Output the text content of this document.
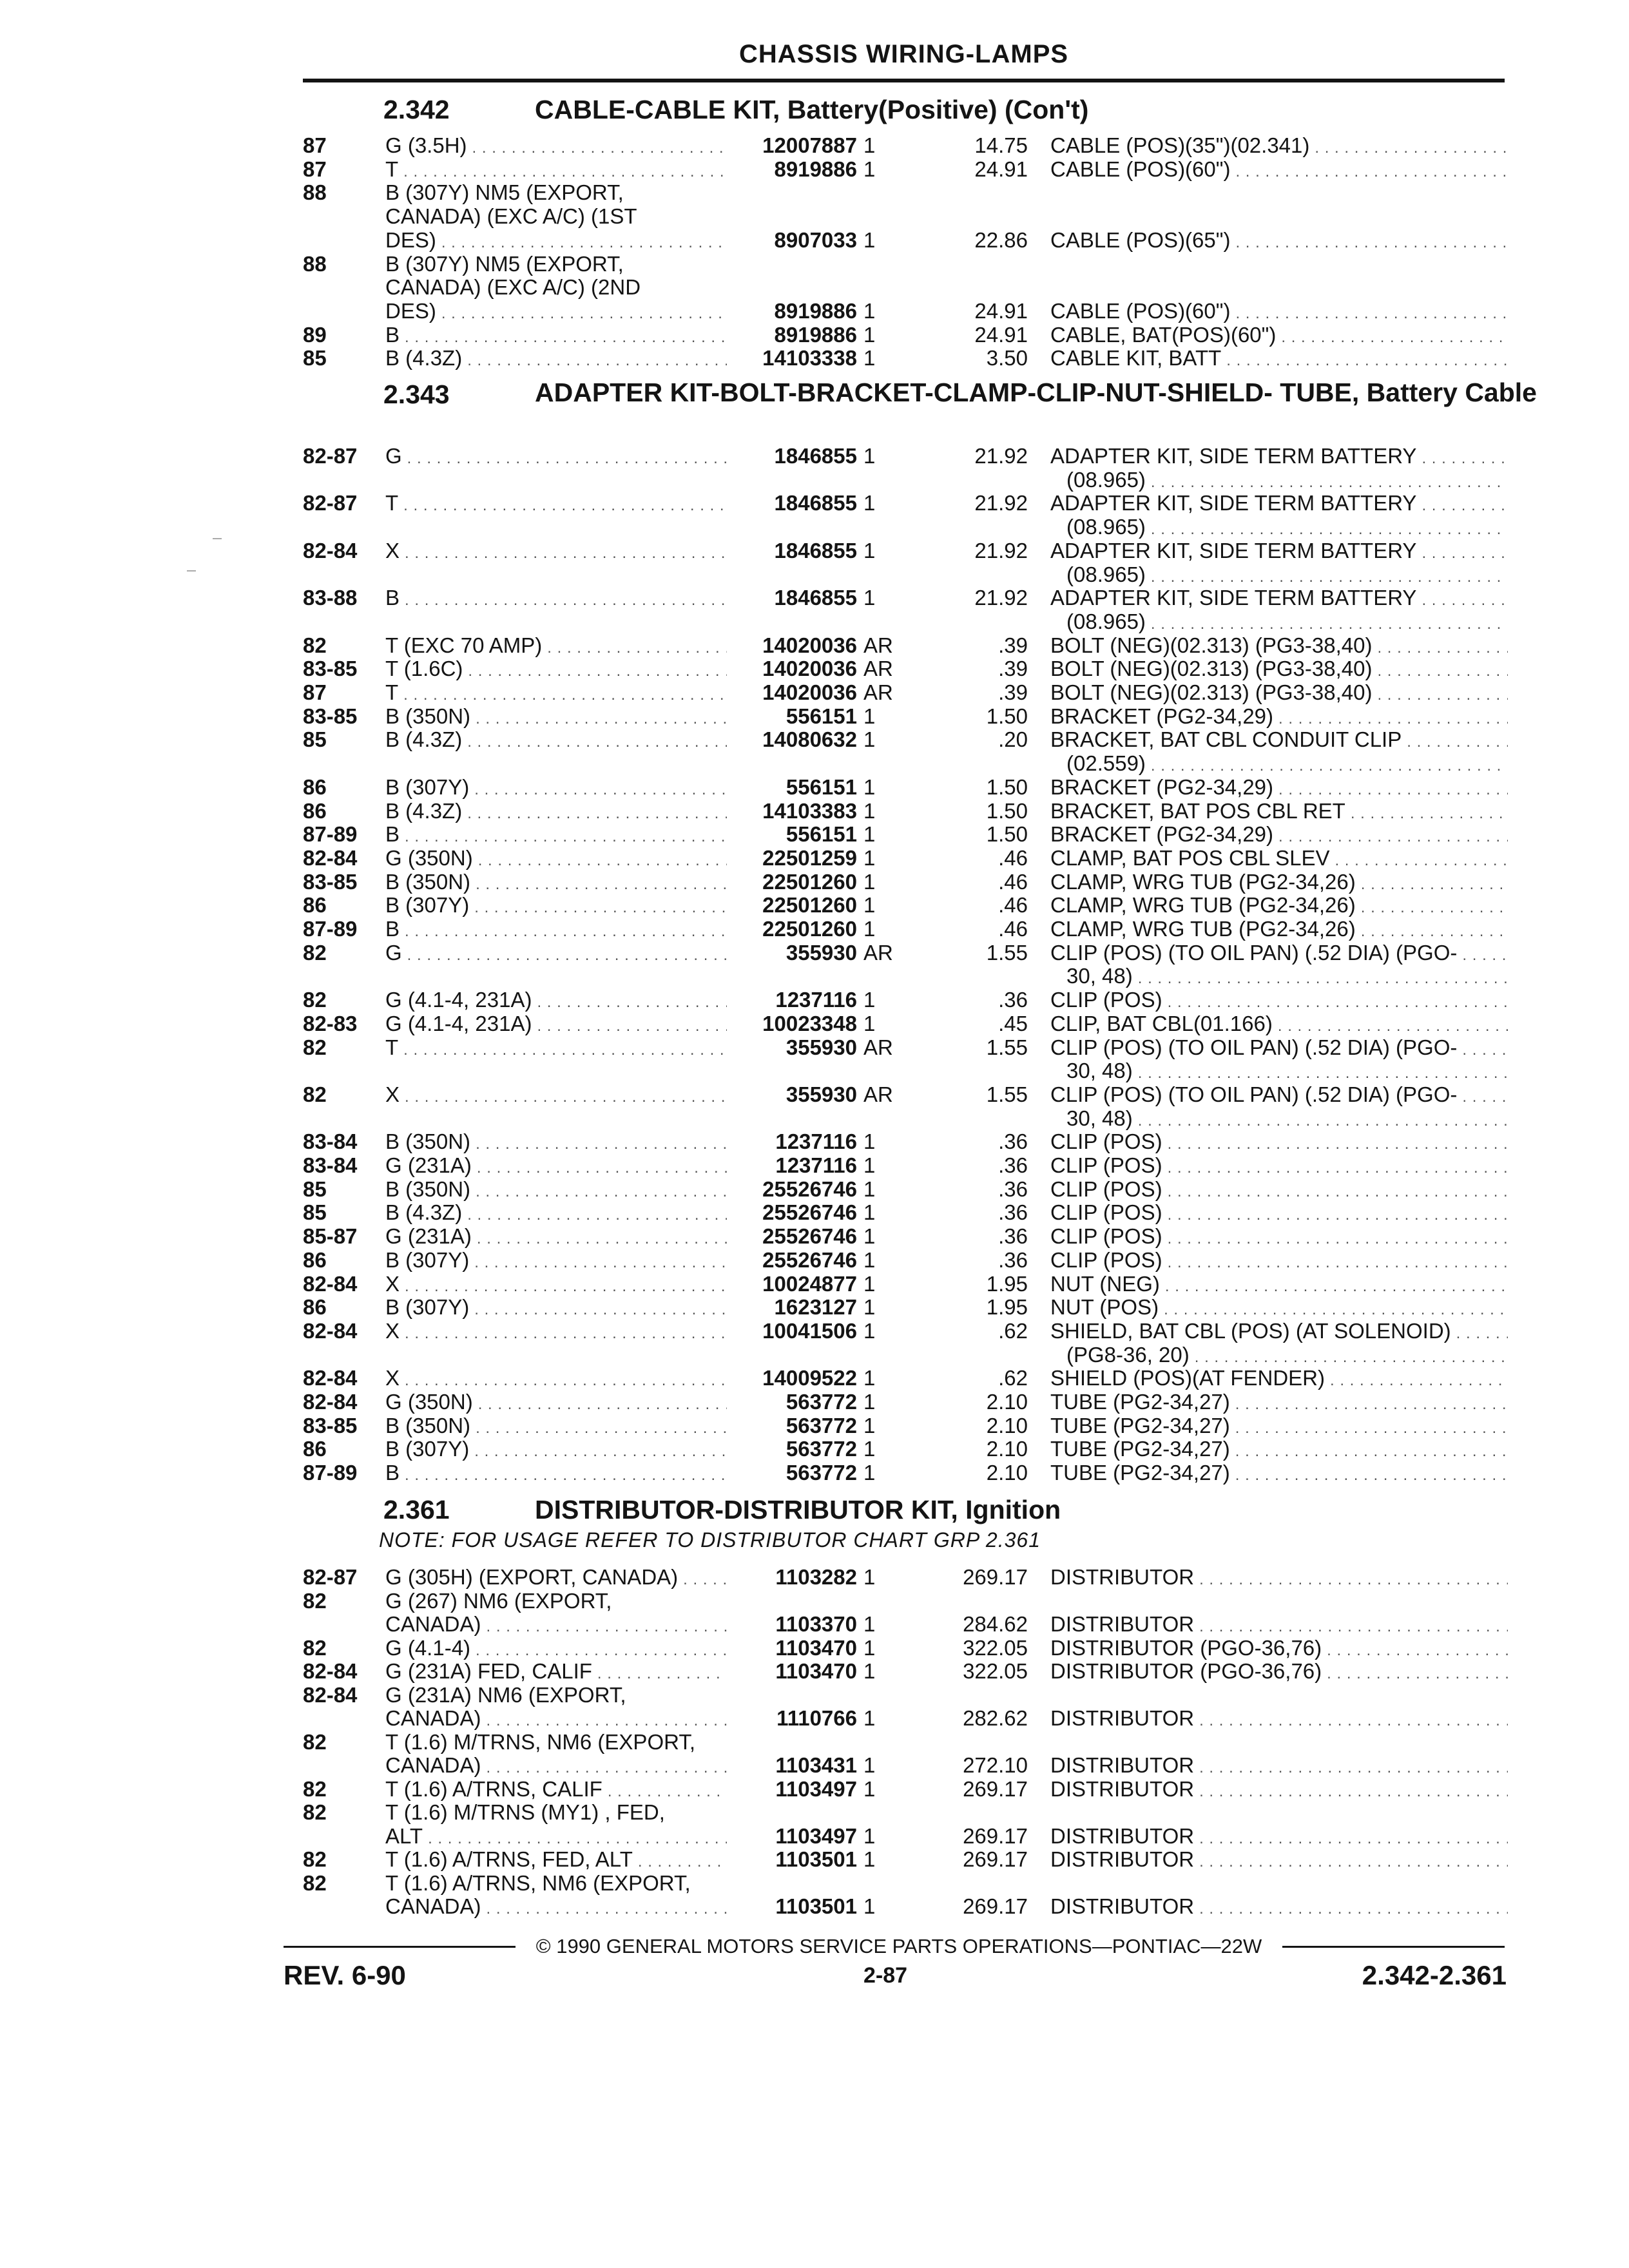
CHASSIS WIRING-LAMPS
2.342	CABLE-CABLE KIT, Battery(Positive) (Con't)
2.343	ADAPTER KIT-BOLT-BRACKET-CLAMP-CLIP-NUT-SHIELD- TUBE, Battery Cable
2.361	DISTRIBUTOR-DISTRIBUTOR KIT, Ignition
NOTE: FOR USAGE REFER TO DISTRIBUTOR CHART GRP 2.361
87	G (3.5H) . . .	12007887 1	14.75 CABLE (POS)(35")(02.341) . . .
87	T . . .	8919886 1	24.91 CABLE (POS)(60") . . .
88	B (307Y) NM5 (EXPORT,
CANADA) (EXC A/C) (1ST
DES) . . .	8907033 1	22.86 CABLE (POS)(65") . . .
88	B (307Y) NM5 (EXPORT,
CANADA) (EXC A/C) (2ND
DES) . . .	8919886 1	24.91 CABLE (POS)(60") . . .
89	B . . .	8919886 1	24.91 CABLE, BAT(POS)(60") . . .
85	B (4.3Z) . . .	14103338 1	3.50 CABLE KIT, BATT . . .
82-87 G . . .	1846855 1	21.92 ADAPTER KIT, SIDE TERM BATTERY . . .
(08.965) . . .
82-87 T . . .	1846855 1	21.92 ADAPTER KIT, SIDE TERM BATTERY . . .
(08.965) . . .
82-84 X . . .	1846855 1	21.92 ADAPTER KIT, SIDE TERM BATTERY . . .
(08.965) . . .
83-88 B . . .	1846855 1	21.92 ADAPTER KIT, SIDE TERM BATTERY . . .
(08.965) . . .
82	T (EXC 70 AMP) . . .	14020036 AR	.39 BOLT (NEG)(02.313) (PG3-38,40) . . .
83-85 T (1.6C) . . .	14020036 AR	.39 BOLT (NEG)(02.313) (PG3-38,40) . . .
87	T . . .	14020036 AR	.39 BOLT (NEG)(02.313) (PG3-38,40) . . .
83-85 B (350N) . . .	556151 1	1.50 BRACKET (PG2-34,29) . . .
85	B (4.3Z) . . .	14080632 1	.20 BRACKET, BAT CBL CONDUIT CLIP . . .
(02.559) . . .
86	B (307Y) . . .	556151 1	1.50 BRACKET (PG2-34,29) . . .
86	B (4.3Z) . . .	14103383 1	1.50 BRACKET, BAT POS CBL RET . . .
87-89 B . . .	556151 1	1.50 BRACKET (PG2-34,29) . . .
82-84 G (350N) . . .	22501259 1	.46 CLAMP, BAT POS CBL SLEV . . .
83-85 B (350N) . . .	22501260 1	.46 CLAMP, WRG TUB (PG2-34,26) . . .
86	B (307Y) . . .	22501260 1	.46 CLAMP, WRG TUB (PG2-34,26) . . .
87-89 B . . .	22501260 1	.46 CLAMP, WRG TUB (PG2-34,26) . . .
82	G . . .	355930 AR	1.55 CLIP (POS) (TO OIL PAN) (.52 DIA) (PGO- . . .
30, 48) . . .
82	G (4.1-4, 231A) . . .	1237116 1	.36 CLIP (POS) . . .
82-83 G (4.1-4, 231A) . . .	10023348 1	.45 CLIP, BAT CBL(01.166) . . .
82	T . . .	355930 AR	1.55 CLIP (POS) (TO OIL PAN) (.52 DIA) (PGO- . . .
30, 48) . . .
82	X . . .	355930 AR	1.55 CLIP (POS) (TO OIL PAN) (.52 DIA) (PGO- . . .
30, 48) . . .
83-84 B (350N) . . .	1237116 1	.36 CLIP (POS) . . .
83-84 G (231A) . . .	1237116 1	.36 CLIP (POS) . . .
85	B (350N) . . .	25526746 1	.36 CLIP (POS) . . .
85	B (4.3Z) . . .	25526746 1	.36 CLIP (POS) . . .
85-87 G (231A) . . .	25526746 1	.36 CLIP (POS) . . .
86	B (307Y) . . .	25526746 1	.36 CLIP (POS) . . .
82-84 X . . .	10024877 1	1.95 NUT (NEG) . . .
86	B (307Y) . . .	1623127 1	1.95 NUT (POS) . . .
82-84 X . . .	10041506 1	.62 SHIELD, BAT CBL (POS) (AT SOLENOID) . . .
(PG8-36, 20) . . .
82-84 X . . .	14009522 1	.62 SHIELD (POS)(AT FENDER) . . .
82-84 G (350N) . . .	563772 1	2.10 TUBE (PG2-34,27) . . .
83-85 B (350N) . . .	563772 1	2.10 TUBE (PG2-34,27) . . .
86	B (307Y) . . .	563772 1	2.10 TUBE (PG2-34,27) . . .
87-89 B . . .	563772 1	2.10 TUBE (PG2-34,27) . . .
82-87 G (305H) (EXPORT, CANADA) . . .	1103282 1	269.17 DISTRIBUTOR . . .
82	G (267) NM6 (EXPORT,
CANADA) . . .	1103370 1	284.62 DISTRIBUTOR . . .
82	G (4.1-4) . . .	1103470 1	322.05 DISTRIBUTOR (PGO-36,76) . . .
82-84 G (231A) FED, CALIF . . .	1103470 1	322.05 DISTRIBUTOR (PGO-36,76) . . .
82-84 G (231A) NM6 (EXPORT,
CANADA) . . .	1110766 1	282.62 DISTRIBUTOR . . .
82	T (1.6) M/TRNS, NM6 (EXPORT,
CANADA) . . .	1103431 1	272.10 DISTRIBUTOR . . .
82	T (1.6) A/TRNS, CALIF . . .	1103497 1	269.17 DISTRIBUTOR . . .
82	T (1.6) M/TRNS (MY1) , FED,
ALT . . .	1103497 1	269.17 DISTRIBUTOR . . .
82	T (1.6) A/TRNS, FED, ALT . . .	1103501 1	269.17 DISTRIBUTOR . . .
82	T (1.6) A/TRNS, NM6 (EXPORT,
CANADA) . . .	1103501 1	269.17 DISTRIBUTOR . . .
© 1990 GENERAL MOTORS SERVICE PARTS OPERATIONS—PONTIAC—22W
REV. 6-90	2-87	2.342-2.361
